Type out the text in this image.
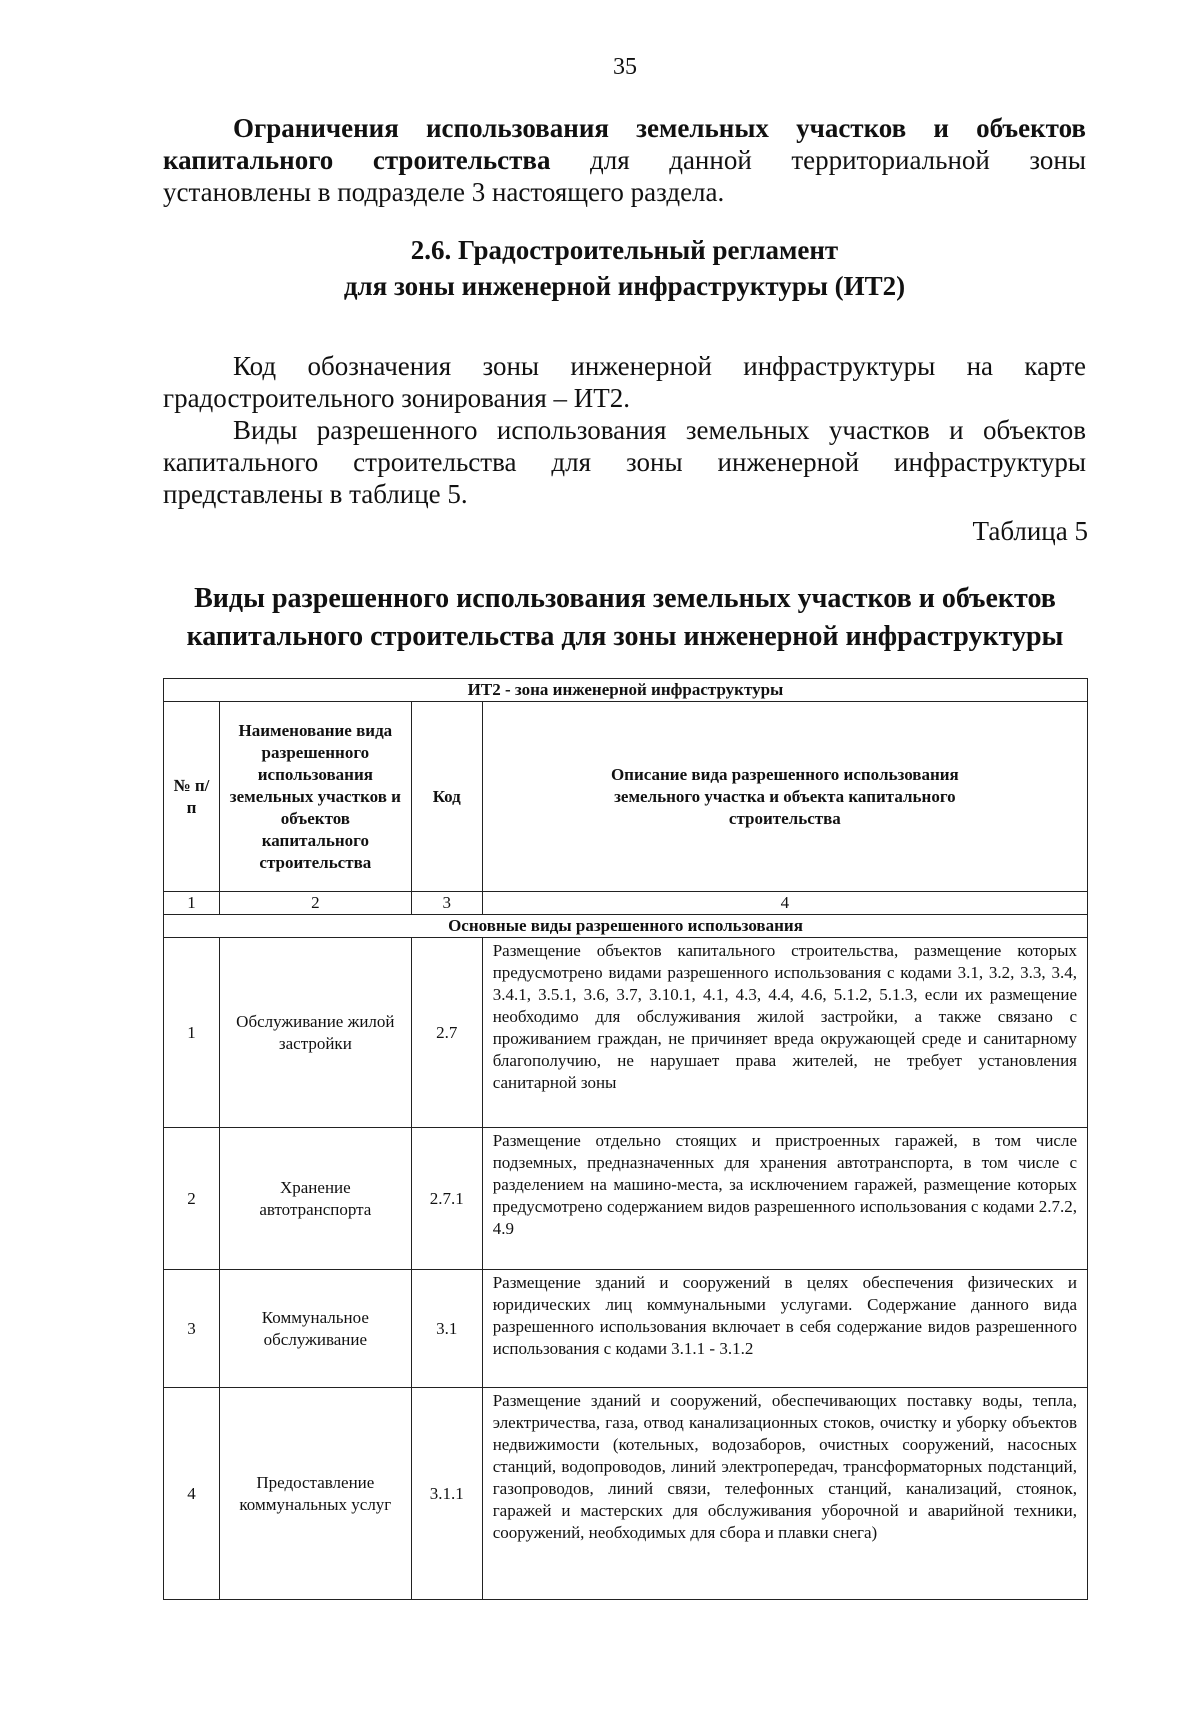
35
Ограничения использования земельных участков и объектов
капитального строительства для данной территориальной зоны
установлены в подразделе 3 настоящего раздела.
2.6. Градостроительный регламент
для зоны инженерной инфраструктуры (ИТ2)
Код обозначения зоны инженерной инфраструктуры на карте
градостроительного зонирования – ИТ2.
Виды разрешенного использования земельных участков и объектов
капитального строительства для зоны инженерной инфраструктуры
представлены в таблице 5.
Таблица 5
Виды разрешенного использования земельных участков и объектов
капитального строительства для зоны инженерной инфраструктуры
ИТ2 - зона инженерной инфраструктуры			
№ п/п	Наименование вида разрешенного использования земельных участков и объектов капитального строительства	Код	Описание вида разрешенного использования земельного участка и объекта капитального строительства
1	2	3	4
Основные виды разрешенного использования			
1	Обслуживание жилой застройки	2.7	Размещение объектов капитального строительства, размещение которых предусмотрено видами разрешенного использования с кодами 3.1, 3.2, 3.3, 3.4, 3.4.1, 3.5.1, 3.6, 3.7, 3.10.1, 4.1, 4.3, 4.4, 4.6, 5.1.2, 5.1.3, если их размещение необходимо для обслуживания жилой застройки, а также связано с проживанием граждан, не причиняет вреда окружающей среде и санитарному благополучию, не нарушает права жителей, не требует установления санитарной зоны
2	Хранение автотранспорта	2.7.1	Размещение отдельно стоящих и пристроенных гаражей, в том числе подземных, предназначенных для хранения автотранспорта, в том числе с разделением на машино-места, за исключением гаражей, размещение которых предусмотрено содержанием видов разрешенного использования с кодами 2.7.2, 4.9
3	Коммунальное обслуживание	3.1	Размещение зданий и сооружений в целях обеспечения физических и юридических лиц коммунальными услугами. Содержание данного вида разрешенного использования включает в себя содержание видов разрешенного использования с кодами 3.1.1 - 3.1.2
4	Предоставление коммунальных услуг	3.1.1	Размещение зданий и сооружений, обеспечивающих поставку воды, тепла, электричества, газа, отвод канализационных стоков, очистку и уборку объектов недвижимости (котельных, водозаборов, очистных сооружений, насосных станций, водопроводов, линий электропередач, трансформаторных подстанций, газопроводов, линий связи, телефонных станций, канализаций, стоянок, гаражей и мастерских для обслуживания уборочной и аварийной техники, сооружений, необходимых для сбора и плавки снега)
